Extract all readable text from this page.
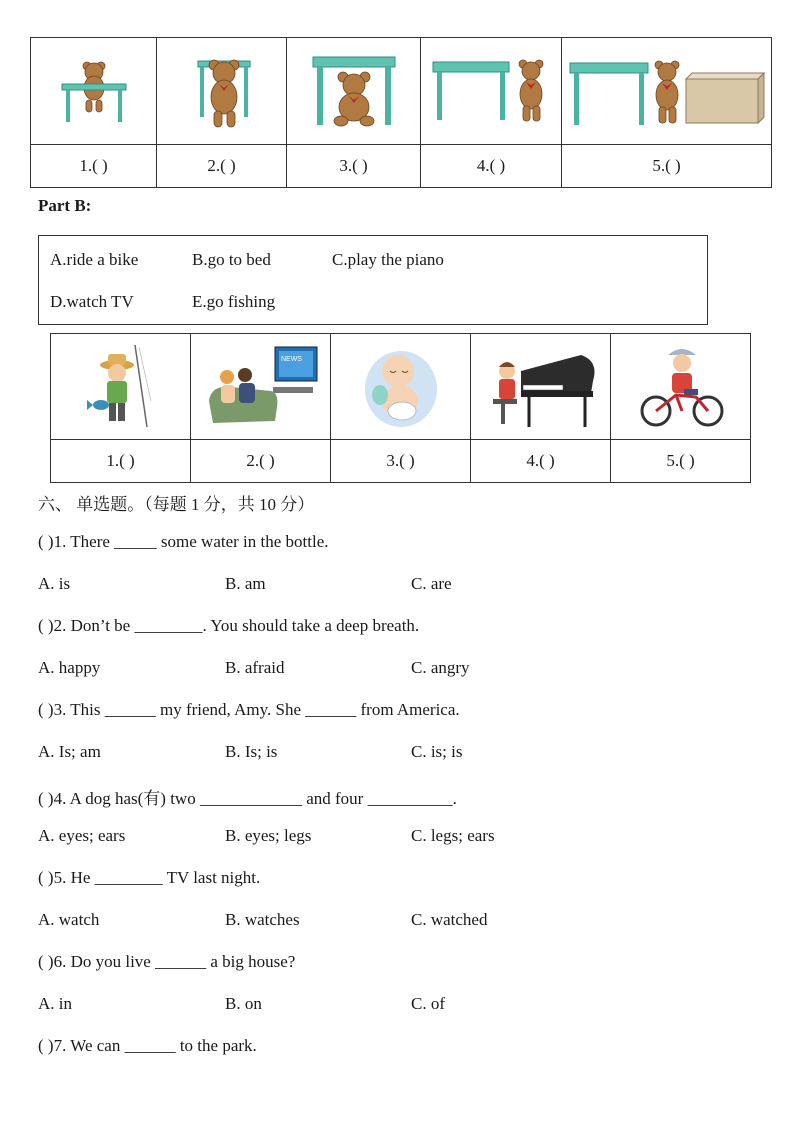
1.( )	2.( )	3.( )	4.( )	5.( )
Part B:
A.ride a bike	B.go to bed	C.play the piano
D.watch TV	E.go fishing

NEWS

1.( )	2.( )	3.( )	4.( )	5.( )
六、 单选题。（每题 1 分，共 10 分）
( )1. There _____ some water in the bottle.
A. is	B. am	C. are
( )2. Don’t be ________. You should take a deep breath.
A. happy	B. afraid	C. angry
( )3. This ______ my friend, Amy. She ______ from America.
A. Is; am	B. Is; is	C. is; is
( )4. A dog has(有) two ____________ and four __________.
A. eyes; ears	B. eyes; legs	C. legs; ears
( )5. He ________ TV last night.
A. watch	B. watches	C. watched
( )6. Do you live ______ a big house?
A. in	B. on	C. of
( )7. We can ______ to the park.
